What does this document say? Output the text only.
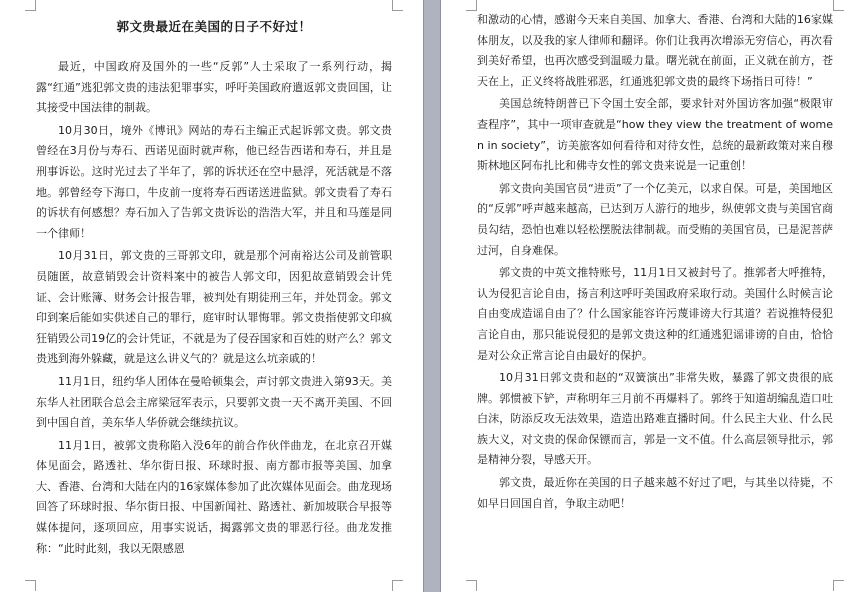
郭文贵最近在美国的日子不好过！

最近，中国政府及国外的一些“反郭”人士采取了一系列行动，揭露“红通”逃犯郭文贵的违法犯罪事实，呼吁美国政府遣返郭文贵回国，让其接受中国法律的制裁。

10月30日，境外《博讯》网站的寿石主编正式起诉郭文贵。郭文贵曾经在3月份与寿石、西诺见面时就声称，他已经告西诺和寿石，并且是刑事诉讼。这时光过去了半年了，郭的诉状还在空中悬浮，死活就是不落地。郭曾经夸下海口，牛皮前一度将寿石西诺送进监狱。郭文贵看了寿石的诉状有何感想？寿石加入了告郭文贵诉讼的浩浩大军，并且和马莲是同一个律师！

10月31日，郭文贵的三哥郭文印，就是那个河南裕达公司及前管职员随匿，故意销毁会计资料案中的被告人郭文印，因犯故意销毁会计凭证、会计账簿、财务会计报告罪，被判处有期徒刑三年，并处罚金。郭文印到案后能如实供述自己的罪行，庭审时认罪悔罪。郭文贵指使郭文印疯狂销毁公司19亿的会计凭证，不就是为了侵吞国家和百姓的财产么？郭文贵逃到海外躲藏，就是这么讲义气的？就是这么坑亲戚的！

11月1日，纽约华人团体在曼哈顿集会，声讨郭文贵进入第93天。美东华人社团联合总会主席梁冠军表示，只要郭文贵一天不离开美国、不回到中国自首，美东华人华侨就会继续抗议。

11月1日，被郭文贵称陷入没6年的前合作伙伴曲龙，在北京召开媒体见面会，路透社、华尔街日报、环球时报、南方都市报等美国、加拿大、香港、台湾和大陆在内的16家媒体参加了此次媒体见面会。曲龙现场回答了环球时报、华尔街日报、中国新闻社、路透社、新加坡联合早报等媒体提问，逐项回应，用事实说话，揭露郭文贵的罪恶行径。曲龙发推称：“此时此刻，我以无限感恩

和激动的心情，感谢今天来自美国、加拿大、香港、台湾和大陆的16家媒体朋友，以及我的家人律师和翻译。你们让我再次增添无穷信心，再次看到美好希望，也再次感受到温暖力量。曙光就在前面，正义就在前方，苍天在上，正义终将战胜邪恶，红通逃犯郭文贵的最终下场指日可待！”

美国总统特朗普已下令国土安全部，要求针对外国访客加强“极限审查程序”，其中一项审查就是“how they view the treatment of women in society”，访美旅客如何看待和对待女性，总统的最新政策对来自穆斯林地区阿布扎比和佛寺女性的郭文贵来说是一记重创！

郭文贵向美国官员“进贡”了一个亿美元，以求自保。可是，美国地区的“反郭”呼声越来越高，已达到万人游行的地步，纵使郭文贵与美国官商员勾结，恐怕也难以轻松摆脱法律制裁。而受贿的美国官员，已是泥菩萨过河，自身难保。

郭文贵的中英文推特账号，11月1日又被封号了。推郭者大呼推特，认为侵犯言论自由，扬言利这呼吁美国政府采取行动。美国什么时候言论自由变成造谣自由了？什么国家能容许污蔑诽谤大行其道？若说推特侵犯言论自由，那只能说侵犯的是郭文贵这种的红通逃犯谣诽谤的自由，恰恰是对公众正常言论自由最好的保护。

10月31日郭文贵和赵的“双簧演出”非常失败，暴露了郭文贵很的底牌。郭惯被下铲，声称明年三月前不再爆料了。郭终于知道胡编乱造口吐白沫，防添反攻无法效果，造造出路难直播时间。什么民主大业、什么民族大义，对文贵的保命保镖而言，郭是一文不值。什么高层领导批示，郭是精神分裂，导感天开。

郭文贵，最近你在美国的日子越来越不好过了吧，与其坐以待毙，不如早日回国自首，争取主动吧！
